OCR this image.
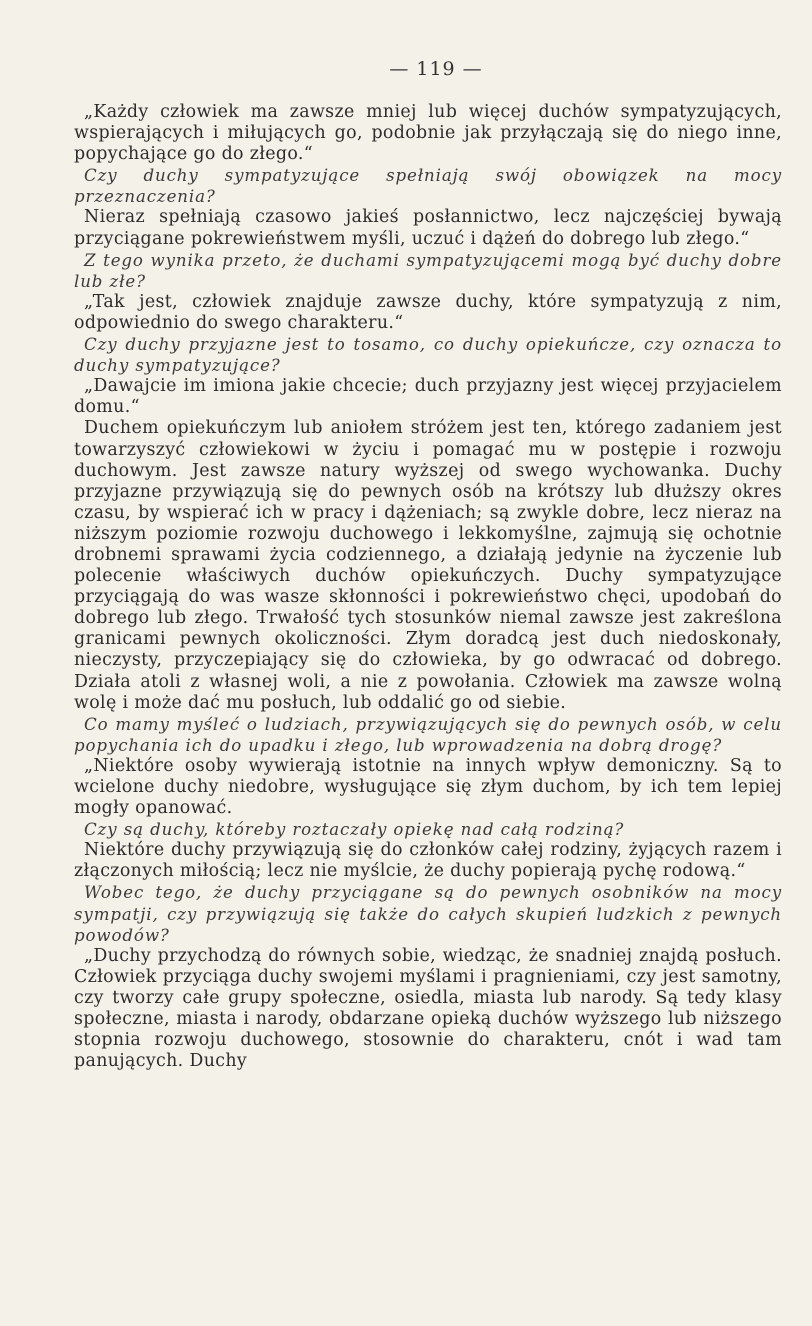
— 119 —

„Każdy człowiek ma zawsze mniej lub więcej duchów sympatyzujących, wspierających i miłujących go, podobnie jak przyłączają się do niego inne, popychające go do złego.“

Czy duchy sympatyzujące spełniają swój obowiązek na mocy przeznaczenia?

Nieraz spełniają czasowo jakieś posłannictwo, lecz najczęściej bywają przyciągane pokrewieństwem myśli, uczuć i dążeń do dobrego lub złego.“

Z tego wynika przeto, że duchami sympatyzującemi mogą być duchy dobre lub złe?

„Tak jest, człowiek znajduje zawsze duchy, które sympatyzują z nim, odpowiednio do swego charakteru.“

Czy duchy przyjazne jest to tosamo, co duchy opiekuńcze, czy oznacza to duchy sympatyzujące?

„Dawajcie im imiona jakie chcecie; duch przyjazny jest więcej przyjacielem domu.“

Duchem opiekuńczym lub aniołem stróżem jest ten, którego zadaniem jest towarzyszyć człowiekowi w życiu i pomagać mu w postępie i rozwoju duchowym. Jest zawsze natury wyższej od swego wychowanka. Duchy przyjazne przywiązują się do pewnych osób na krótszy lub dłuższy okres czasu, by wspierać ich w pracy i dążeniach; są zwykle dobre, lecz nieraz na niższym poziomie rozwoju duchowego i lekkomyślne, zajmują się ochotnie drobnemi sprawami życia codziennego, a działają jedynie na życzenie lub polecenie właściwych duchów opiekuńczych. Duchy sympatyzujące przyciągają do was wasze skłonności i pokrewieństwo chęci, upodobań do dobrego lub złego. Trwałość tych stosunków niemal zawsze jest zakreślona granicami pewnych okoliczności. Złym doradcą jest duch niedoskonały, nieczysty, przyczepiający się do człowieka, by go odwracać od dobrego. Działa atoli z własnej woli, a nie z powołania. Człowiek ma zawsze wolną wolę i może dać mu posłuch, lub oddalić go od siebie.

Co mamy myśleć o ludziach, przywiązujących się do pewnych osób, w celu popychania ich do upadku i złego, lub wprowadzenia na dobrą drogę?

„Niektóre osoby wywierają istotnie na innych wpływ demoniczny. Są to wcielone duchy niedobre, wysługujące się złym duchom, by ich tem lepiej mogły opanować.

Czy są duchy, któreby roztaczały opiekę nad całą rodziną?

Niektóre duchy przywiązują się do członków całej rodziny, żyjących razem i złączonych miłością; lecz nie myślcie, że duchy popierają pychę rodową.“

Wobec tego, że duchy przyciągane są do pewnych osobników na mocy sympatji, czy przywiązują się także do całych skupień ludzkich z pewnych powodów?

„Duchy przychodzą do równych sobie, wiedząc, że snadniej znajdą posłuch. Człowiek przyciąga duchy swojemi myślami i pragnieniami, czy jest samotny, czy tworzy całe grupy społeczne, osiedla, miasta lub narody. Są tedy klasy społeczne, miasta i narody, obdarzane opieką duchów wyższego lub niższego stopnia rozwoju duchowego, stosownie do charakteru, cnót i wad tam panujących. Duchy
